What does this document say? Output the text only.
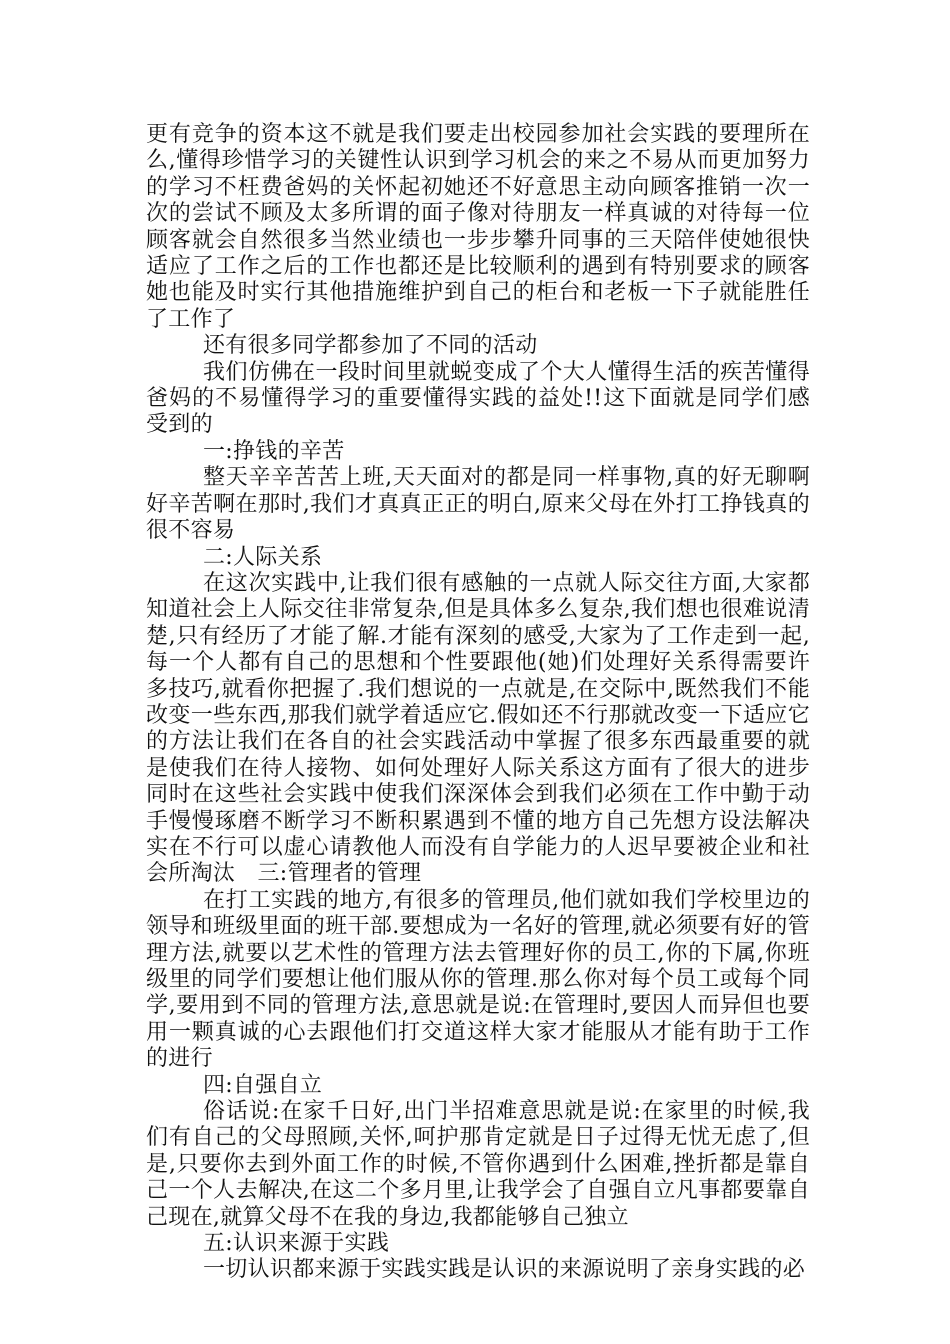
更有竞争的资本这不就是我们要走出校园参加社会实践的要理所在么,懂得珍惜学习的关键性认识到学习机会的来之不易从而更加努力的学习不枉费爸妈的关怀起初她还不好意思主动向顾客推销一次一次的尝试不顾及太多所谓的面子像对待朋友一样真诚的对待每一位顾客就会自然很多当然业绩也一步步攀升同事的三天陪伴使她很快适应了工作之后的工作也都还是比较顺利的遇到有特别要求的顾客她也能及时实行其他措施维护到自己的柜台和老板一下子就能胜任了工作了

还有很多同学都参加了不同的活动

我们仿佛在一段时间里就蜕变成了个大人懂得生活的疾苦懂得爸妈的不易懂得学习的重要懂得实践的益处!!这下面就是同学们感受到的

一:挣钱的辛苦

整天辛辛苦苦上班,天天面对的都是同一样事物,真的好无聊啊好辛苦啊在那时,我们才真真正正的明白,原来父母在外打工挣钱真的很不容易

二:人际关系

在这次实践中,让我们很有感触的一点就人际交往方面,大家都知道社会上人际交往非常复杂,但是具体多么复杂,我们想也很难说清楚,只有经历了才能了解.才能有深刻的感受,大家为了工作走到一起,每一个人都有自己的思想和个性要跟他(她)们处理好关系得需要许多技巧,就看你把握了.我们想说的一点就是,在交际中,既然我们不能改变一些东西,那我们就学着适应它.假如还不行那就改变一下适应它的方法让我们在各自的社会实践活动中掌握了很多东西最重要的就是使我们在待人接物、如何处理好人际关系这方面有了很大的进步同时在这些社会实践中使我们深深体会到我们必须在工作中勤于动手慢慢琢磨不断学习不断积累遇到不懂的地方自己先想方设法解决实在不行可以虚心请教他人而没有自学能力的人迟早要被企业和社会所淘汰　三:管理者的管理

在打工实践的地方,有很多的管理员,他们就如我们学校里边的领导和班级里面的班干部.要想成为一名好的管理,就必须要有好的管理方法,就要以艺术性的管理方法去管理好你的员工,你的下属,你班级里的同学们要想让他们服从你的管理.那么你对每个员工或每个同学,要用到不同的管理方法,意思就是说:在管理时,要因人而异但也要用一颗真诚的心去跟他们打交道这样大家才能服从才能有助于工作的进行

四:自强自立

俗话说:在家千日好,出门半招难意思就是说:在家里的时候,我们有自己的父母照顾,关怀,呵护那肯定就是日子过得无忧无虑了,但是,只要你去到外面工作的时候,不管你遇到什么困难,挫折都是靠自己一个人去解决,在这二个多月里,让我学会了自强自立凡事都要靠自己现在,就算父母不在我的身边,我都能够自己独立

五:认识来源于实践

一切认识都来源于实践实践是认识的来源说明了亲身实践的必
